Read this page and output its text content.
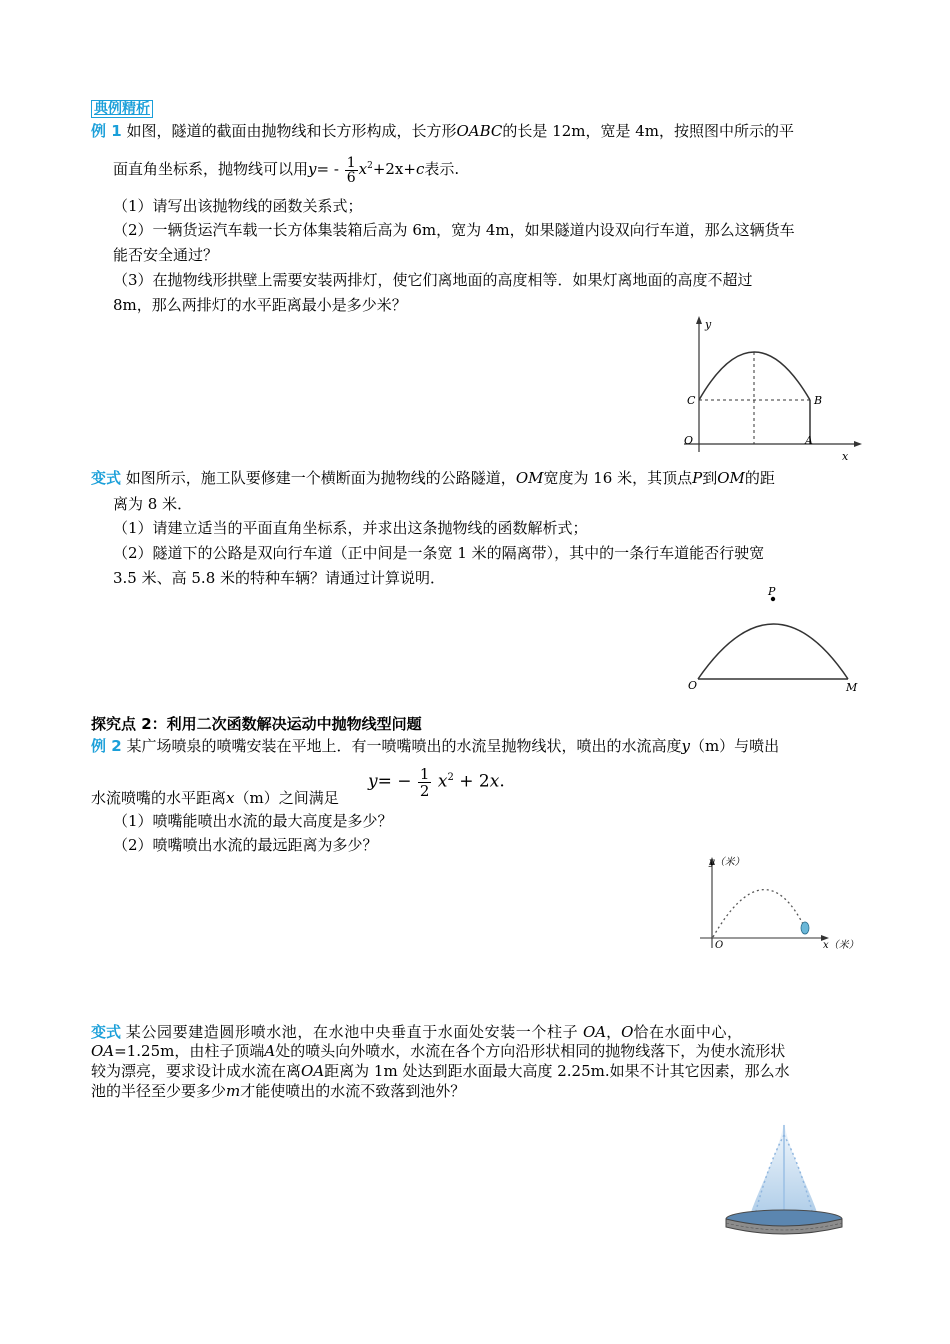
典例精析
例 1 如图，隧道的截面由抛物线和长方形构成，长方形OABC的长是 12m，宽是 4m，按照图中所示的平
面直角坐标系，抛物线可以用$y= - \frac{1}{6} x^2+2x+c$表示.
（1）请写出该抛物线的函数关系式；
（2）一辆货运汽车载一长方体集装箱后高为 6m，宽为 4m，如果隧道内设双向行车道，那么这辆货车
能否安全通过？
（3）在抛物线形拱壁上需要安装两排灯，使它们离地面的高度相等．如果灯离地面的高度不超过
8m，那么两排灯的水平距离最小是多少米？
y
x
O	A
B
C
变式 如图所示，施工队要修建一个横断面为抛物线的公路隧道，OM宽度为 16 米，其顶点P到OM的距
离为 8 米．
（1）请建立适当的平面直角坐标系，并求出这条抛物线的函数解析式；
（2）隧道下的公路是双向行车道（正中间是一条宽 1 米的隔离带），其中的一条行车道能否行驶宽
3.5 米、高 5.8 米的特种车辆？请通过计算说明．
P
O	M
探究点 2：利用二次函数解决运动中抛物线型问题
例 2 某广场喷泉的喷嘴安装在平地上．有一喷嘴喷出的水流呈抛物线状，喷出的水流高度y（m）与喷出
水流喷嘴的水平距离x（m）之间满足
$y= - \frac{1}{2} x^2 + 2x$.
（1）喷嘴能喷出水流的最大高度是多少？
（2）喷嘴喷出水流的最远距离为多少？
y（米）
x（米）
O
变式 某公园要建造圆形喷水池，在水池中央垂直于水面处安装一个柱子 OA，O恰在水面中心，
OA=1.25m，由柱子顶端A处的喷头向外喷水，水流在各个方向沿形状相同的抛物线落下，为使水流形状
较为漂亮，要求设计成水流在离OA距离为 1m 处达到距水面最大高度 2.25m.如果不计其它因素，那么水
池的半径至少要多少m才能使喷出的水流不致落到池外？
